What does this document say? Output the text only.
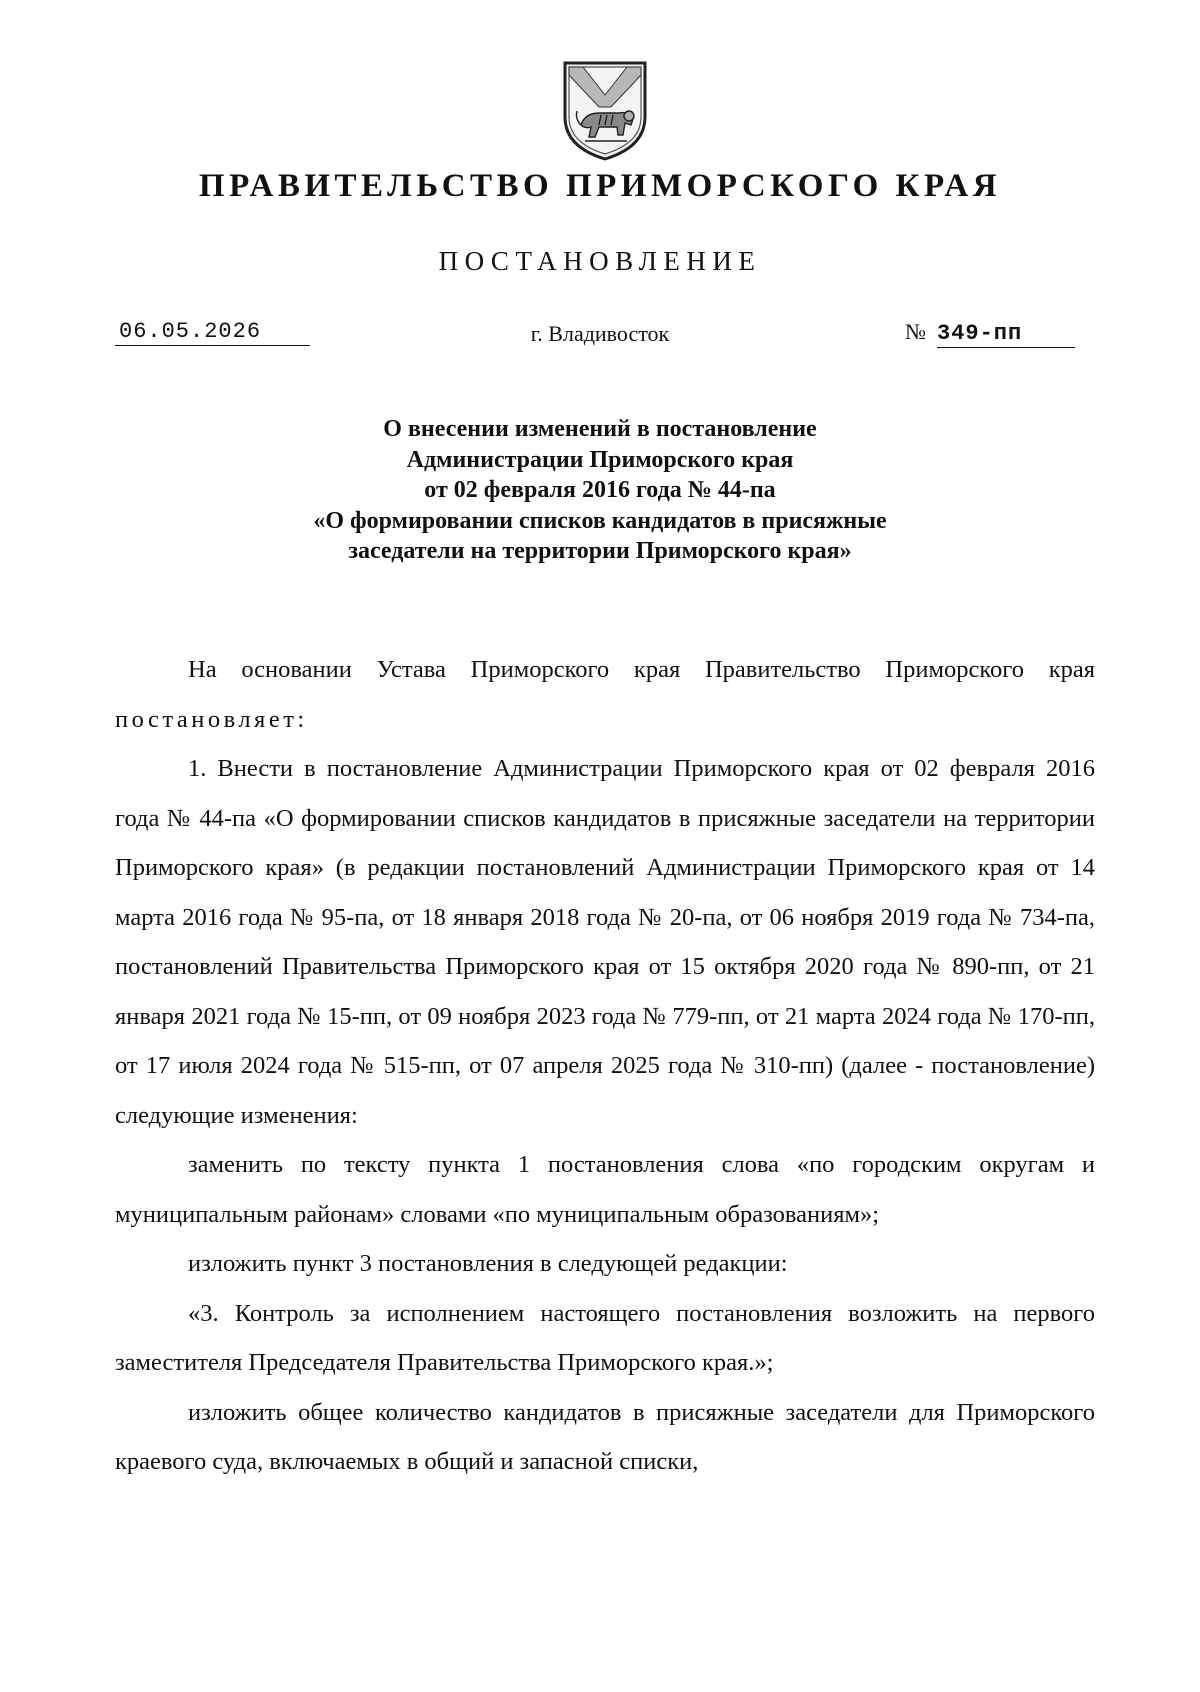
ПРАВИТЕЛЬСТВО ПРИМОРСКОГО КРАЯ
ПОСТАНОВЛЕНИЕ
06.05.2026	г. Владивосток	№ 349-пп
О внесении изменений в постановление
Администрации Приморского края
от 02 февраля 2016 года № 44-па
«О формировании списков кандидатов в присяжные
заседатели на территории Приморского края»

На основании Устава Приморского края Правительство Приморского края постановляет:

1. Внести в постановление Администрации Приморского края от 02 февраля 2016 года № 44-па «О формировании списков кандидатов в присяжные заседатели на территории Приморского края» (в редакции постановлений Администрации Приморского края от 14 марта 2016 года № 95-па, от 18 января 2018 года № 20-па, от 06 ноября 2019 года № 734-па, постановлений Правительства Приморского края от 15 октября 2020 года № 890-пп, от 21 января 2021 года № 15-пп, от 09 ноября 2023 года № 779-пп, от 21 марта 2024 года № 170-пп, от 17 июля 2024 года № 515-пп, от 07 апреля 2025 года № 310-пп) (далее - постановление) следующие изменения:

заменить по тексту пункта 1 постановления слова «по городским округам и муниципальным районам» словами «по муниципальным образованиям»;

изложить пункт 3 постановления в следующей редакции:

«3. Контроль за исполнением настоящего постановления возложить на первого заместителя Председателя Правительства Приморского края.»;

изложить общее количество кандидатов в присяжные заседатели для Приморского краевого суда, включаемых в общий и запасной списки,
